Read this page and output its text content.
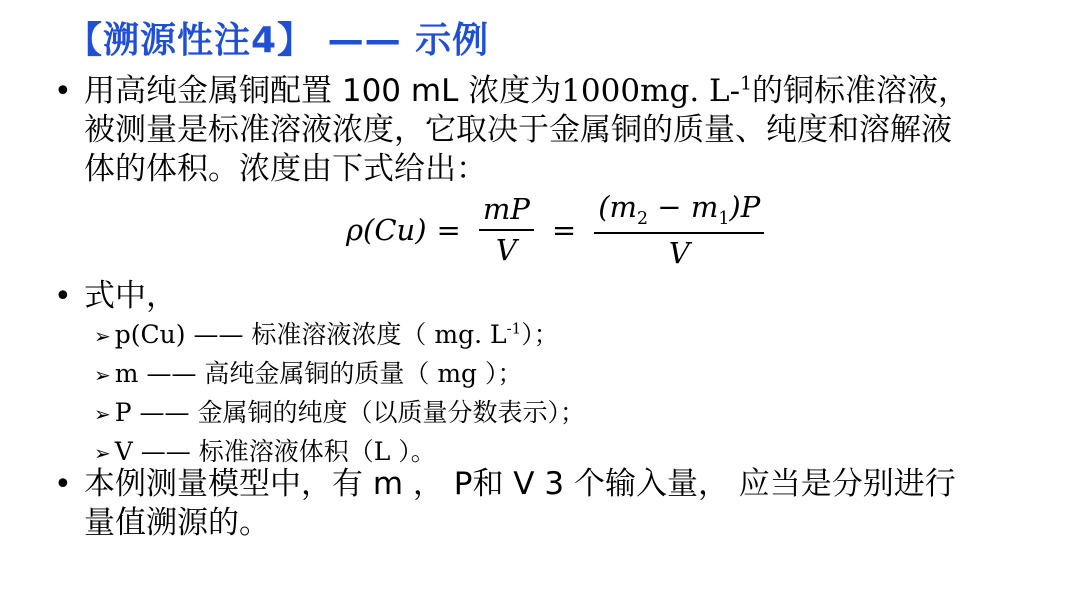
【溯源性注4】 —— 示例
• 用高纯金属铜配置 100 mL 浓度为1000mg. L-$^1$的铜标准溶液，
被测量是标准溶液浓度，它取决于金属铜的质量、纯度和溶解液
体的体积。浓度由下式给出：
$\rho(Cu) = \frac{mP}{V} = \frac{(m_2 - m_1)P}{V}$
• 式中，
➢ p(Cu) —— 标准溶液浓度（ mg. $L^{-1}$）；
➢ m —— 高纯金属铜的质量（ mg ）；
➢ P —— 金属铜的纯度（以质量分数表示）；
➢ V —— 标准溶液体积（L ）。
• 本例测量模型中，有 m ， P和 V 3 个输入量， 应当是分别进行
量值溯源的。
